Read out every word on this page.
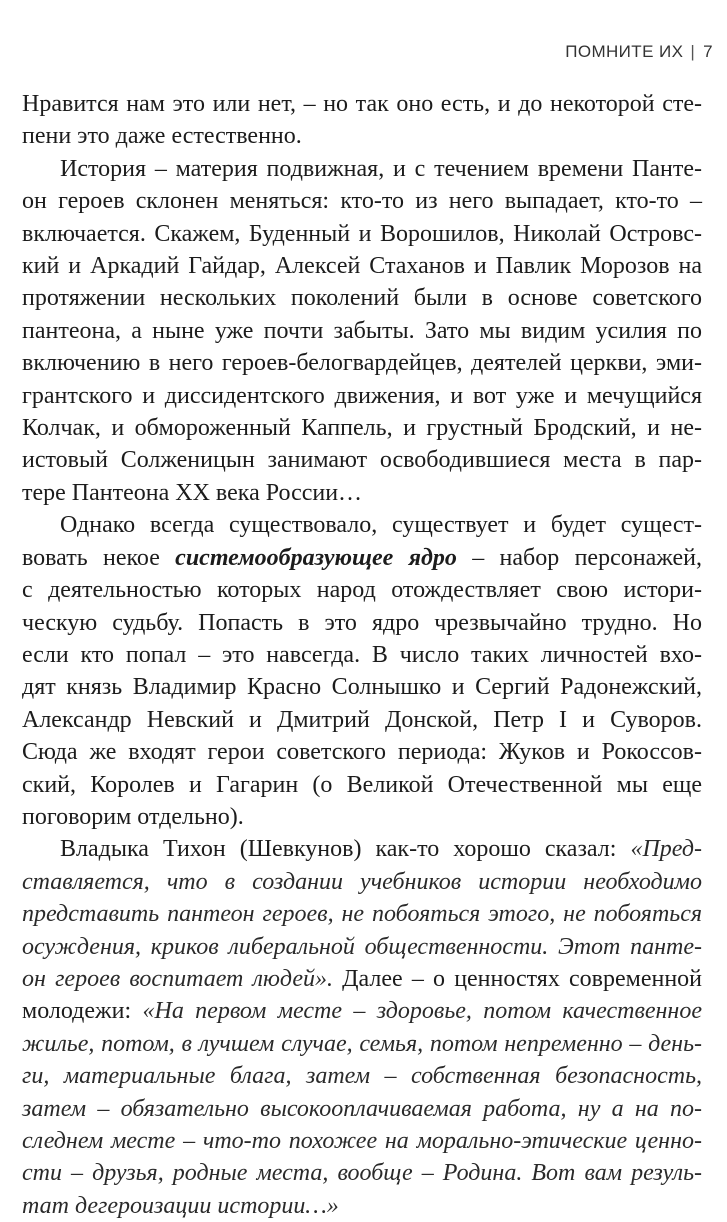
ПОМНИТЕ ИХ | 7

Нравится нам это или нет, – но так оно есть, и до некоторой сте-
пени это даже естественно.

История – материя подвижная, и с течением времени Панте-
он героев склонен меняться: кто-то из него выпадает, кто-то –
включается. Скажем, Буденный и Ворошилов, Николай Островс-
кий и Аркадий Гайдар, Алексей Стаханов и Павлик Морозов на
протяжении нескольких поколений были в основе советского
пантеона, а ныне уже почти забыты. Зато мы видим усилия по
включению в него героев-белогвардейцев, деятелей церкви, эми-
грантского и диссидентского движения, и вот уже и мечущийся
Колчак, и обмороженный Каппель, и грустный Бродский, и не-
истовый Солженицын занимают освободившиеся места в пар-
тере Пантеона XX века России…

Однако всегда существовало, существует и будет сущест-
вовать некое системообразующее ядро – набор персонажей,
с деятельностью которых народ отождествляет свою истори-
ческую судьбу. Попасть в это ядро чрезвычайно трудно. Но
если кто попал – это навсегда. В число таких личностей вхо-
дят князь Владимир Красно Солнышко и Сергий Радонежский,
Александр Невский и Дмитрий Донской, Петр I и Суворов.
Сюда же входят герои советского периода: Жуков и Рокоссов-
ский, Королев и Гагарин (о Великой Отечественной мы еще
поговорим отдельно).

Владыка Тихон (Шевкунов) как-то хорошо сказал: «Пред-
ставляется, что в создании учебников истории необходимо
представить пантеон героев, не побояться этого, не побояться
осуждения, криков либеральной общественности. Этот панте-
он героев воспитает людей». Далее – о ценностях современной
молодежи: «На первом месте – здоровье, потом качественное
жилье, потом, в лучшем случае, семья, потом непременно – день-
ги, материальные блага, затем – собственная безопасность,
затем – обязательно высокооплачиваемая работа, ну а на по-
следнем месте – что-то похожее на морально-этические ценно-
сти – друзья, родные места, вообще – Родина. Вот вам резуль-
тат дегероизации истории…»
